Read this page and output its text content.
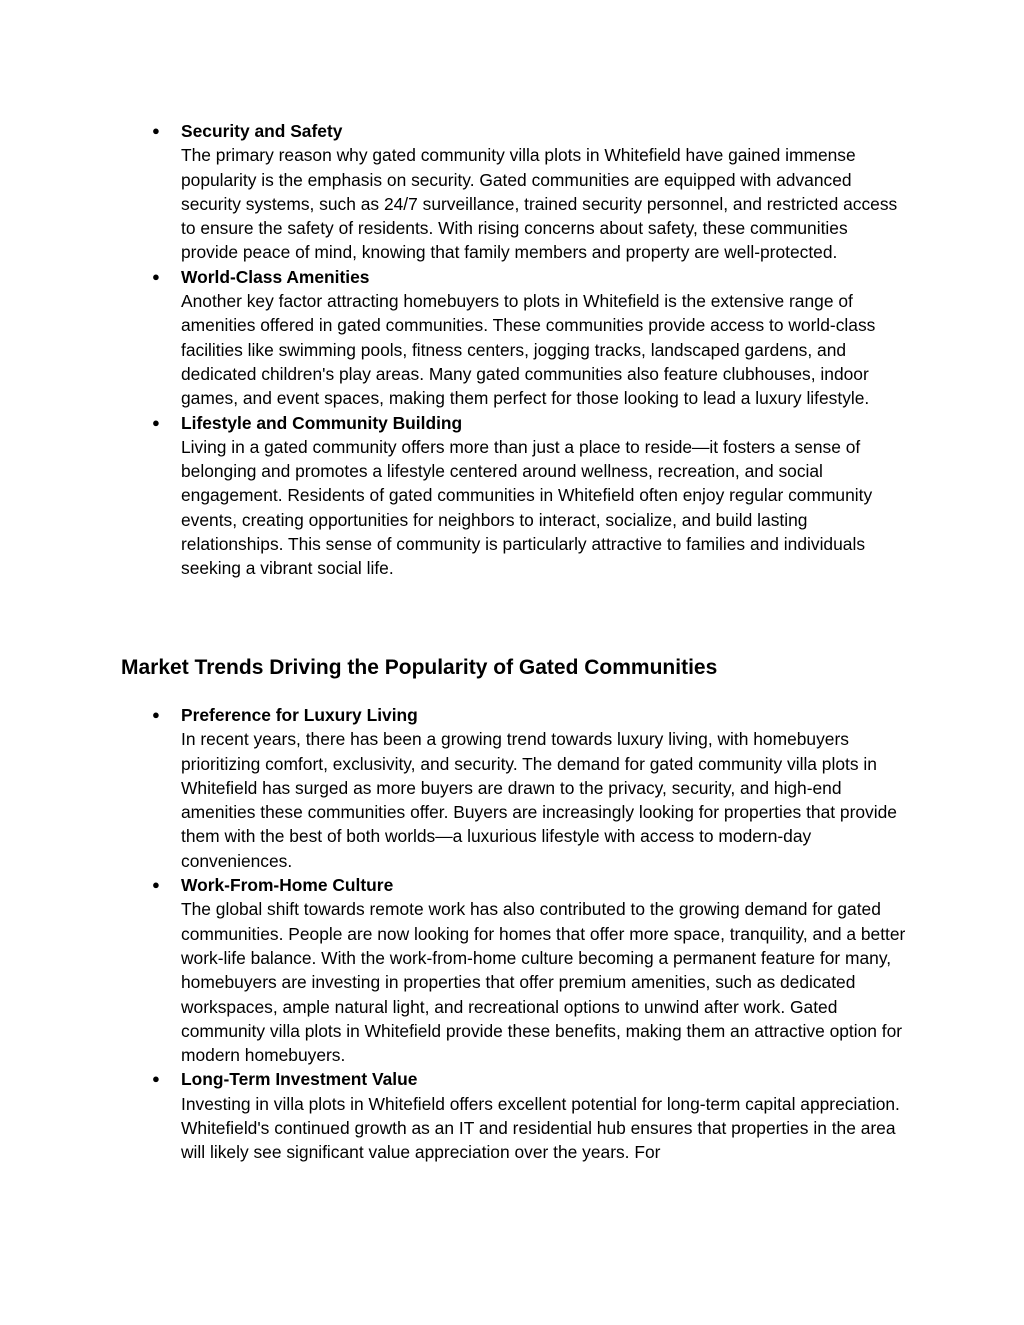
● Security and Safety
The primary reason why gated community villa plots in Whitefield have gained immense popularity is the emphasis on security. Gated communities are equipped with advanced security systems, such as 24/7 surveillance, trained security personnel, and restricted access to ensure the safety of residents. With rising concerns about safety, these communities provide peace of mind, knowing that family members and property are well-protected.
● World-Class Amenities
Another key factor attracting homebuyers to plots in Whitefield is the extensive range of amenities offered in gated communities. These communities provide access to world-class facilities like swimming pools, fitness centers, jogging tracks, landscaped gardens, and dedicated children's play areas. Many gated communities also feature clubhouses, indoor games, and event spaces, making them perfect for those looking to lead a luxury lifestyle.
● Lifestyle and Community Building
Living in a gated community offers more than just a place to reside—it fosters a sense of belonging and promotes a lifestyle centered around wellness, recreation, and social engagement. Residents of gated communities in Whitefield often enjoy regular community events, creating opportunities for neighbors to interact, socialize, and build lasting relationships. This sense of community is particularly attractive to families and individuals seeking a vibrant social life.
Market Trends Driving the Popularity of Gated Communities
● Preference for Luxury Living
In recent years, there has been a growing trend towards luxury living, with homebuyers prioritizing comfort, exclusivity, and security. The demand for gated community villa plots in Whitefield has surged as more buyers are drawn to the privacy, security, and high-end amenities these communities offer. Buyers are increasingly looking for properties that provide them with the best of both worlds—a luxurious lifestyle with access to modern-day conveniences.
● Work-From-Home Culture
The global shift towards remote work has also contributed to the growing demand for gated communities. People are now looking for homes that offer more space, tranquility, and a better work-life balance. With the work-from-home culture becoming a permanent feature for many, homebuyers are investing in properties that offer premium amenities, such as dedicated workspaces, ample natural light, and recreational options to unwind after work. Gated community villa plots in Whitefield provide these benefits, making them an attractive option for modern homebuyers.
● Long-Term Investment Value
Investing in villa plots in Whitefield offers excellent potential for long-term capital appreciation. Whitefield's continued growth as an IT and residential hub ensures that properties in the area will likely see significant value appreciation over the years. For
